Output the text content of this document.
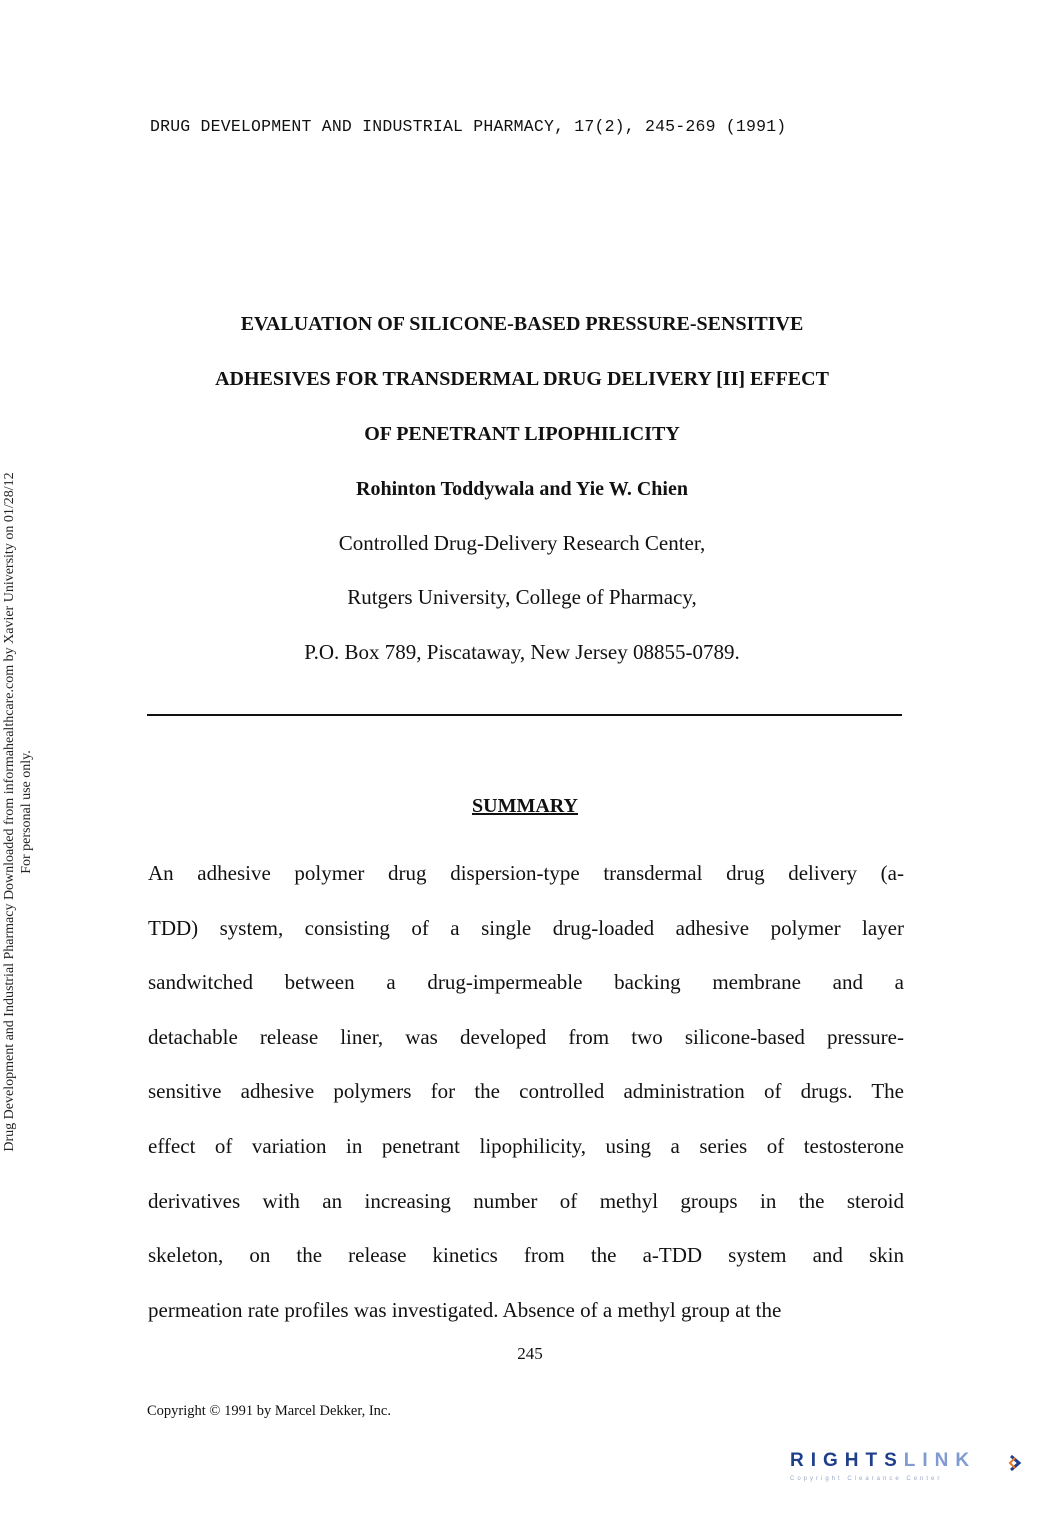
DRUG DEVELOPMENT AND INDUSTRIAL PHARMACY, 17(2), 245-269 (1991)
Drug Development and Industrial Pharmacy Downloaded from informahealthcare.com by Xavier University on 01/28/12 For personal use only.
EVALUATION OF SILICONE-BASED PRESSURE-SENSITIVE
ADHESIVES FOR TRANSDERMAL DRUG DELIVERY [II] EFFECT
OF PENETRANT LIPOPHILICITY
Rohinton Toddywala and Yie W. Chien
Controlled Drug-Delivery Research Center,
Rutgers University, College of Pharmacy,
P.O. Box 789, Piscataway, New Jersey 08855-0789.
SUMMARY
An adhesive polymer drug dispersion-type transdermal drug delivery (a-
TDD) system, consisting of a single drug-loaded adhesive polymer layer
sandwitched between a drug-impermeable backing membrane and a
detachable release liner, was developed from two silicone-based pressure-
sensitive adhesive polymers for the controlled administration of drugs. The
effect of variation in penetrant lipophilicity, using a series of testosterone
derivatives with an increasing number of methyl groups in the steroid
skeleton, on the release kinetics from the a-TDD system and skin
permeation rate profiles was investigated. Absence of a methyl group at the
245
Copyright © 1991 by Marcel Dekker, Inc.
RIGHTSLINK
Copyright Clearance Center
